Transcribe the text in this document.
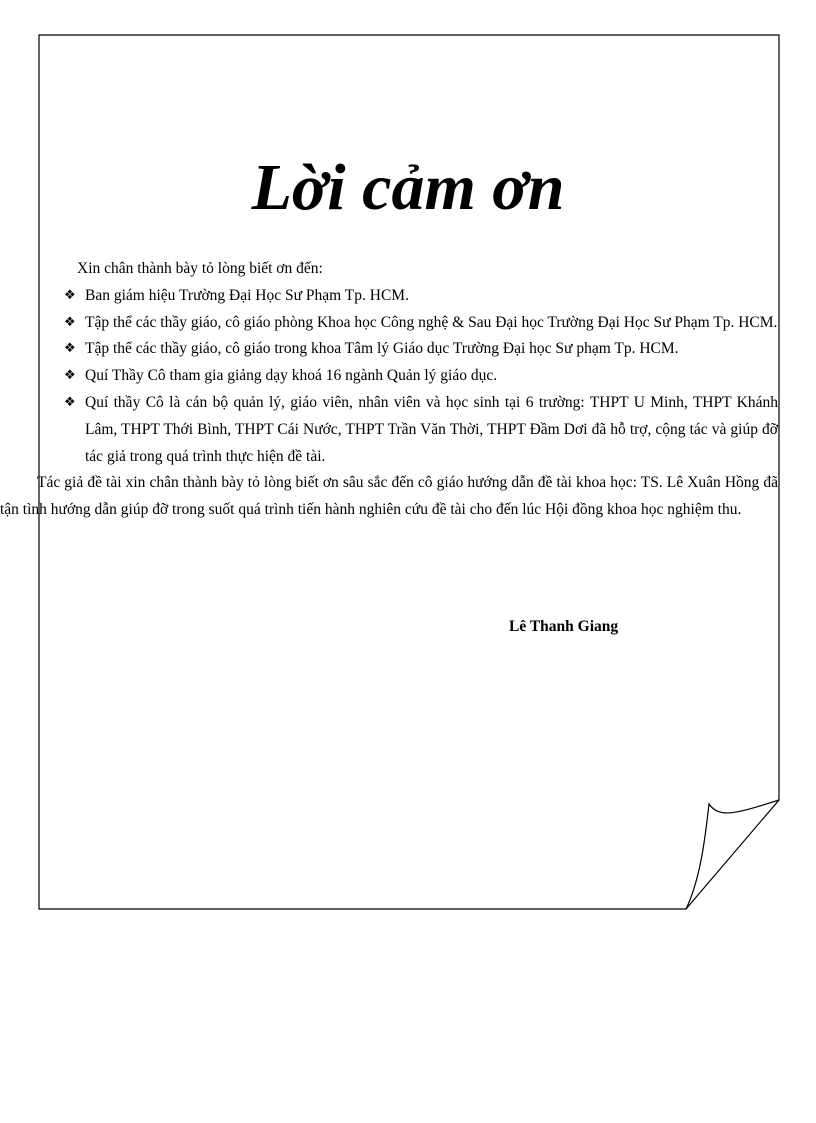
Lời cảm ơn

Xin chân thành bày tỏ lòng biết ơn đến:

❖ Ban giám hiệu Trường Đại Học Sư Phạm Tp. HCM.
❖ Tập thể các thầy giáo, cô giáo phòng Khoa học Công nghệ & Sau Đại học Trường Đại Học Sư Phạm Tp. HCM.
❖ Tập thể các thầy giáo, cô giáo trong khoa Tâm lý Giáo dục Trường Đại học Sư phạm Tp. HCM.
❖ Quí Thầy Cô tham gia giảng dạy khoá 16 ngành Quản lý giáo dục.
❖ Quí thầy Cô là cán bộ quản lý, giáo viên, nhân viên và học sinh tại 6 trường: THPT U Minh, THPT Khánh Lâm, THPT Thới Bình, THPT Cái Nước, THPT Trần Văn Thời, THPT Đầm Dơi đã hỗ trợ, cộng tác và giúp đỡ tác giả trong quá trình thực hiện đề tài.

Tác giả đề tài xin chân thành bày tỏ lòng biết ơn sâu sắc đến cô giáo hướng dẫn đề tài khoa học: TS. Lê Xuân Hồng đã tận tình hướng dẫn giúp đỡ trong suốt quá trình tiến hành nghiên cứu đề tài cho đến lúc Hội đồng khoa học nghiệm thu.

Lê Thanh Giang
